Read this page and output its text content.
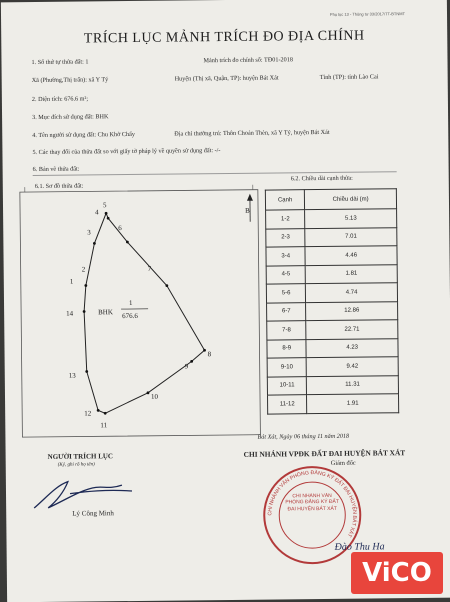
Phụ lục 13 - Thông tư 33/2017/TT-BTNMT
TRÍCH LỤC MẢNH TRÍCH ĐO ĐỊA CHÍNH
1. Số thứ tự thửa đất: 1	Mảnh trích đo chính số: TĐ01-2018
Xã (Phường,Thị trấn): xã Y Tý	Huyện (Thị xã, Quận, TP): huyện Bát Xát	Tỉnh (TP): tỉnh Lào Cai
2. Diện tích: 676.6 m²;
3. Mục đích sử dụng đất: BHK
4. Tên người sử dụng đất: Chu Khờ Chẩy	Địa chỉ thường trú: Thôn Choản Thèn, xã Y Tý, huyện Bát Xát
5. Các thay đổi của thửa đất so với giấy tờ pháp lý về quyền sử dụng đất: -/-
6. Bản vẽ thửa đất:
6.1. Sơ đồ thửa đất:
6.2. Chiều dài cạnh thửa:
1
2
3
4
5
6
7
8
9
10
11
12
13
14	BHK
1
676.6
B
Cạnh	Chiều dài (m)
1-2	5.13
2-3	7.01
3-4	4.46
4-5	1.81
5-6	4.74
6-7	12.86
7-8	22.71
8-9	4.23
9-10	9.42
10-11	11.31
11-12	1.91
Bát Xát, Ngày 06 tháng 11 năm 2018
NGƯỜI TRÍCH LỤC
(Ký, ghi rõ họ tên)
CHI NHÁNH VPĐK ĐẤT ĐAI HUYỆN BÁT XÁT
Giám đốc
Lý Công Minh	CHI NHÁNH VĂN PHÒNG ĐĂNG KÝ ĐẤT ĐAI HUYỆN BÁT XÁT
CHI NHÁNH VĂN PHÒNG ĐĂNG KÝ ĐẤT ĐAI HUYỆN BÁT XÁT
Đào Thu Ha
ViCO
